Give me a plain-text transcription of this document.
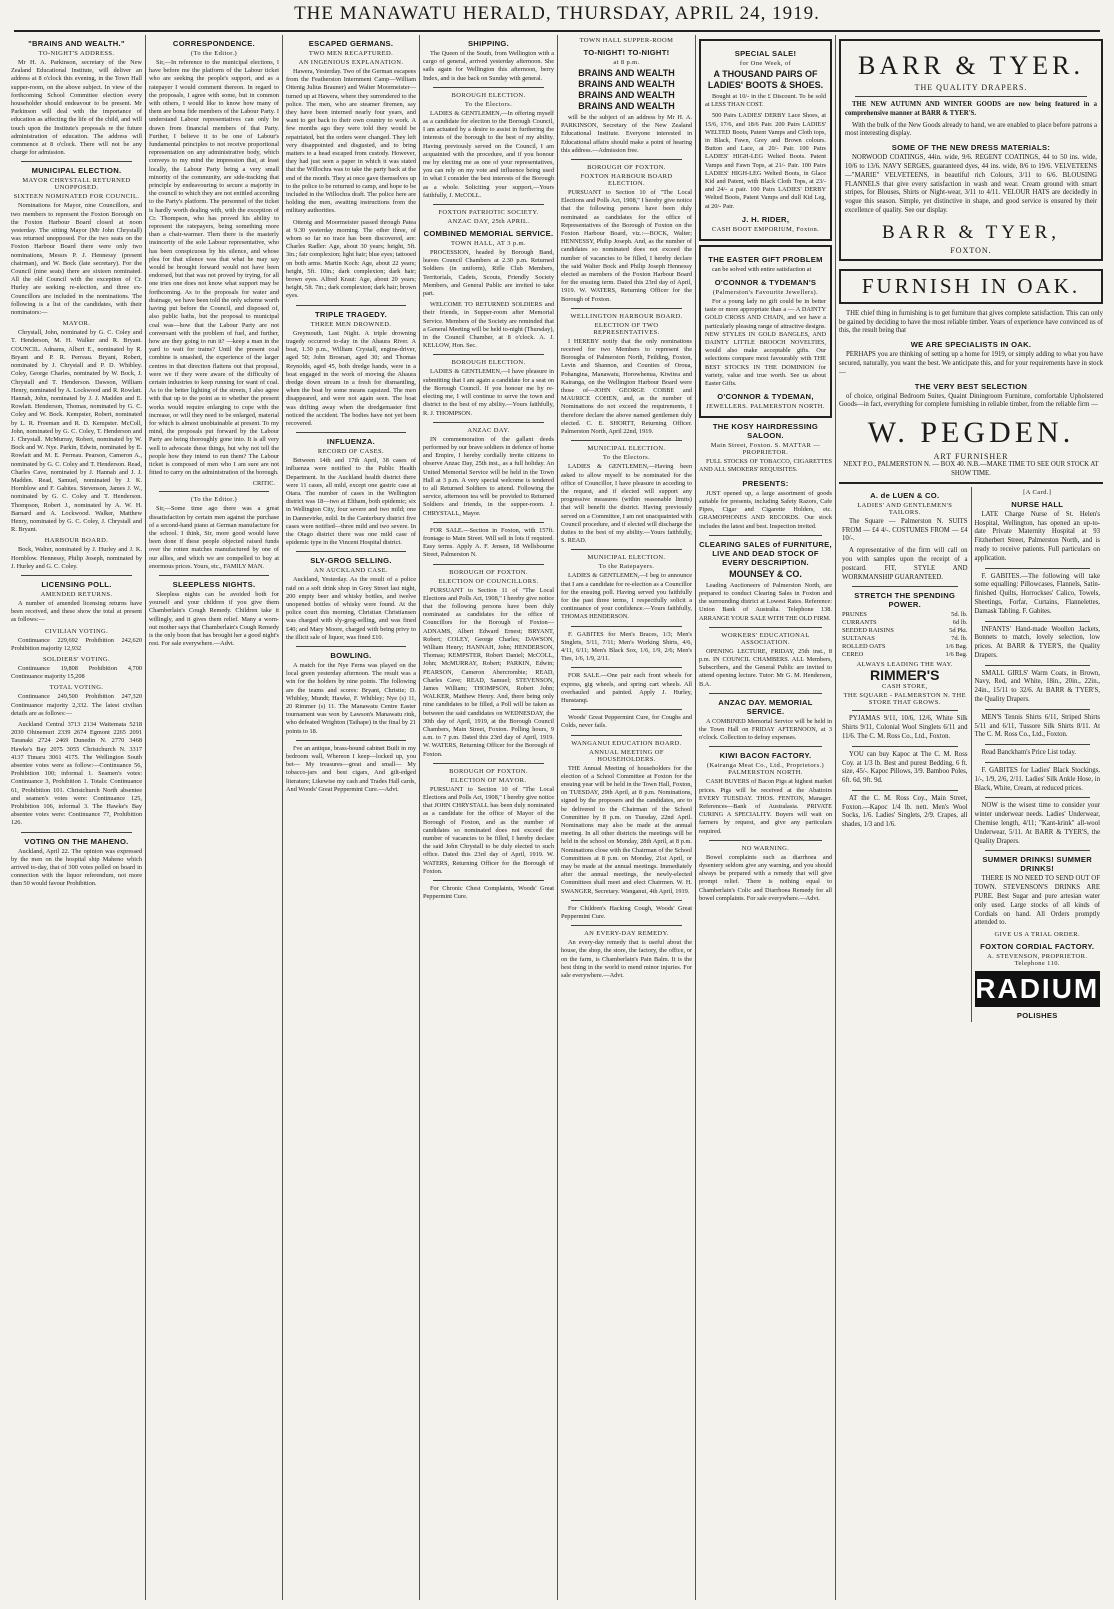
THE MANAWATU HERALD, THURSDAY, APRIL 24, 1919.
"BRAINS AND WEALTH."
TO-NIGHT'S ADDRESS.

Mr H. A. Parkinson, secretary of the New Zealand Educational Institute, will deliver an address at 8 o'clock this evening, in the Town Hall supper-room, on the above subject. In view of the forthcoming School Committee election every householder should endeavour to be present. Mr Parkinson will deal with the importance of education as affecting the life of the child, and will touch upon the Institute's proposals re the future administration of education. The address will commence at 8 o'clock. There will not be any charge for admission.

MUNICIPAL ELECTION.
MAYOR CHRYSTALL RETURNED UNOPPOSED.
SIXTEEN NOMINATED FOR COUNCIL.

Nominations for Mayor, nine Councillors, and two members to represent the Foxton Borough on the Foxton Harbour Board closed at noon yesterday. The sitting Mayor (Mr John Chrystall) was returned unopposed. For the two seats on the Foxton Harbour Board there were only two nominations, Messrs P. J. Hennessy (present chairman), and W. Bock (late secretary). For the Council (nine seats) there are sixteen nominated. All the old Council with the exception of Cr. Hurley are seeking re-election, and three ex-Councillors are included in the nominations. The following is a list of the candidates, with their nominators:—

MAYOR.

Chrystall, John, nominated by G. C. Coley and T. Henderson, M. H. Walker and R. Bryant. COUNCIL. Adnams, Albert E., nominated by R. Bryant and P. R. Perreau. Bryant, Robert, nominated by J. Chrystall and P. D. Whibley. Coley, George Charles, nominated by W. Bock, J. Chrystall and T. Henderson. Dawson, William Henry, nominated by A. Lockwood and R. Rowlatt. Hannah, John, nominated by J. J. Madden and E. Rowlatt. Henderson, Thomas, nominated by G. C. Coley and W. Bock. Kempster, Robert, nominated by L. R. Freeman and R. D. Kempster. McColl, John, nominated by G. C. Coley, T. Henderson and J. Chrystall. McMurray, Robert, nominated by W. Bock and W. Nye. Parkin, Edwin, nominated by E. Rowlatt and M. E. Perreau. Pearson, Cameron A., nominated by G. C. Coley and T. Henderson. Read, Charles Cave, nominated by J. Hannah and J. J. Madden. Read, Samuel, nominated by J. K. Hornblow and F. Gabites. Stevenson, James J. W., nominated by G. C. Coley and T. Henderson. Thompson, Robert J., nominated by A. W. H. Barnard and A. Lockwood. Walker, Matthew Henry, nominated by G. C. Coley, J. Chrystall and R. Bryant.

HARBOUR BOARD.

Bock, Walter, nominated by J. Hurley and J. K. Hornblow. Hennessy, Philip Joseph, nominated by J. Hurley and G. C. Coley.

LICENSING POLL.
AMENDED RETURNS.

A number of amended licensing returns have been received, and these show the total at present as follows:—

CIVILIAN VOTING.

Continuance 229,692 Prohibition 242,620 Prohibition majority 12,932

SOLDIERS' VOTING.

Continuance 19,808 Prohibition 4,700 Continuance majority 15,208

TOTAL VOTING.

Continuance 249,500 Prohibition 247,320 Continuance majority 2,332. The latest civilian details are as follows:—

Auckland Central 3713 2134 Waitemata 5218 2030 Ohinemuri 2339 2674 Egmont 2265 2091 Taranaki 2724 2469 Dunedin N. 2770 3468 Hawke's Bay 2075 3055 Christchurch N. 3317 4137 Timaru 3061 4175. The Wellington South absentee votes were as follow:—Continuance 56, Prohibition 100; informal 1. Seamen's votes: Continuance 3, Prohibition 1. Totals: Continuance 61, Prohibition 101. Christchurch North absentee and seamen's votes were: Continuance 125, Prohibition 106, informal 3. The Hawke's Bay absentee votes were: Continuance 77, Prohibition 126.

VOTING ON THE MAHENO.

Auckland, April 22. The opinion was expressed by the men on the hospital ship Maheno which arrived to-day, that of 300 votes polled on board in connection with the liquor referendum, not more than 50 would favour Prohibition.

CORRESPONDENCE.
(To the Editor.)

Sir,—In reference to the municipal elections, I have before me the platform of the Labour ticket who are seeking the people's support, and as a ratepayer I would comment thereon. In regard to the proposals, I agree with some, but in common with others, I would like to know how many of them are bona fide members of the Labour Party. I understand Labour representatives can only be drawn from financial members of that Party. Further, I believe it to be one of Labour's fundamental principles to not receive proportional representation on any administrative body, which conveys to my mind the impression that, at least locally, the Labour Party being a very small minority of the community, are side-tracking that principle by endeavouring to secure a majority in the council to which they are not entitled according to the Party's platform. The personnel of the ticket is hardly worth dealing with, with the exception of Cr. Thompson, who has proved his ability to represent the ratepayers, being something more than a chair-warmer. Then there is the masterly insincerity of the sole Labour representative, who has been conspicuous by his silence, and whose plea for that silence was that what he may say would be brought forward would not have been endorsed, but that was not proved by trying, for all one tries one does not know what support may be forthcoming. As to the proposals for water and drainage, we have been told the only scheme worth having put before the Council, and disposed of, also public baths, but the proposal to municipal coal was—how that the Labour Party are not conversant with the problem of fuel, and further, how are they going to run it? —keep a man in the yard to wait for trains? Until the present coal combine is smashed, the experience of the larger centres in that direction flattens out that proposal, were we if they were aware of the difficulty of certain industries to keep running for want of coal. As to the better lighting of the streets, I also agree with that up to the point as to whether the present works would require enlarging to cope with the increase, or will they need to be enlarged, material for which is almost unobtainable at present. To my mind, the proposals put forward by the Labour Party are being thoroughly gone into. It is all very well to advocate these things, but why not tell the people how they intend to run them? The Labour ticket is composed of men who I am sure are not fitted to carry on the administration of the borough.

CRITIC.
(To the Editor.)

Sir,—Some time ago there was a great dissatisfaction by certain men against the purchase of a second-hand piano at German manufacture for the school. I think, Sir, more good would have been done if these people objected raised funds over the rotten matches manufactured by one of our allies, and which we are compelled to buy at enormous prices. Yours, etc., FAMILY MAN.

SLEEPLESS NIGHTS.

Sleepless nights can be avoided both for yourself and your children if you give them Chamberlain's Cough Remedy. Children take it willingly, and it gives them relief. Many a worn-out mother says that Chamberlain's Cough Remedy is the only boon that has brought her a good night's rest. For sale everywhere.—Advt.

ESCAPED GERMANS.
TWO MEN RECAPTURED.
AN INGENIOUS EXPLANATION.

Hawera, Yesterday. Two of the German escapees from the Featherston Internment Camp—William Ottenig Julius Brauner) and Walter Moormeister—turned up at Hawera, where they surrendered to the police. The men, who are steamer firemen, say they have been interned nearly four years, and want to get back to their own country to work. A few months ago they were told they would be repatriated, but the orders were changed. They left very disappointed and disgusted, and to bring matters to a head escaped from custody. However, they had just seen a paper in which it was stated that the Willochra was to take the party back at the end of the month. They at once gave themselves up to the police to be returned to camp, and hope to be included in the Willochra draft. The police here are holding the men, awaiting instructions from the military authorities.

Ottenig and Moormeister passed through Patea at 9.30 yesterday morning. The other three, of whom so far no trace has been discovered, are: Charles Radler: Age, about 30 years; height, 5ft. 3in.; fair complexion; light hair; blue eyes; tattooed on both arms. Martin Koch: Age, about 22 years; height, 5ft. 10in.; dark complexion; dark hair; brown eyes. Alfred Kraut: Age, about 20 years; height, 5ft. 7in.; dark complexion; dark hair; brown eyes.

TRIPLE TRAGEDY.
THREE MEN DROWNED.

Greymouth, Last Night. A triple drowning tragedy occurred to-day in the Ahaura River. A boat, 1.30 p.m., William Crystall, engine-driver, aged 50; John Brosnan, aged 30; and Thomas Reynolds, aged 45, both dredge hands, were in a boat engaged in the work of moving the Ahaura dredge down stream in a fresh for dismantling, when the boat by some means capsized. The men disappeared, and were not again seen. The boat was drifting away when the dredgemaster first noticed the accident. The bodies have not yet been recovered.

INFLUENZA.
RECORD OF CASES.

Between 14th and 17th April, 38 cases of influenza were notified to the Public Health Department. In the Auckland health district there were 11 cases, all mild, except one gastric case at Otara. The number of cases in the Wellington district was 18—two at Eltham, both epidemic; six in Wellington City, four severe and two mild; one in Dannevirke, mild. In the Canterbury district five cases were notified—three mild and two severe. In the Otago district there was one mild case of epidemic type in the Vincent Hospital district.

SLY-GROG SELLING.
AN AUCKLAND CASE.

Auckland, Yesterday. As the result of a police raid on a soft drink shop in Grey Street last night, 200 empty beer and whisky bottles, and twelve unopened bottles of whisky were found. At the police court this morning, Christian Christiansen was charged with sly-grog-selling, and was fined £40; and Mary Moore, charged with being privy to the illicit sale of liquor, was fined £10.

BOWLING.

A match for the Nye Ferns was played on the local green yesterday afternoon. The result was a win for the holders by nine points. The following are the teams and scores: Bryant, Christie; D. Whibley, Mundt; Hawke, F. Whibley; Nye (s) 11, 20 Rimmer (s) 11. The Manawatu Centre Easter tournament was won by Lawson's Manawatu rink, who defeated Wrighton (Taihape) in the final by 21 points to 18.

I've an antique, brass-bound cabinet Built in my bedroom wall, Whereon I keep—locked up, you bet— My treasures—great and small— My tobacco-jars and best cigars, And gilt-edged literature; Likewise my cash and Trades Hall cards, And Woods' Great Peppermint Cure.—Advt.

SHIPPING.

The Queen of the South, from Wellington with a cargo of general, arrived yesterday afternoon. She sails again for Wellington this afternoon, berry Index, and is due back on Sunday with general.

BOROUGH ELECTION.
To the Electors.

LADIES & GENTLEMEN,—In offering myself as a candidate for election to the Borough Council, I am actuated by a desire to assist in furthering the interests of the borough to the best of my ability. Having previously served on the Council, I am acquainted with the procedure, and if you honour me by electing me as one of your representatives, you can rely on my vote and influence being used in what I consider the best interests of the Borough as a whole. Soliciting your support,—Yours faithfully, J. McCOLL.

FOXTON PATRIOTIC SOCIETY.
ANZAC DAY, 25th APRIL.
COMBINED MEMORIAL SERVICE.
TOWN HALL, AT 3 p.m.

PROCESSION, headed by Borough Band, leaves Council Chambers at 2.30 p.m. Returned Soldiers (in uniform), Rifle Club Members, Territorials, Cadets, Scouts, Friendly Society Members, and General Public are invited to take part.

WELCOME TO RETURNED SOLDIERS and their friends, in Supper-room after Memorial Service. Members of the Society are reminded that a General Meeting will be held to-night (Thursday), in the Council Chamber, at 8 o'clock. A. J. KELLOW, Hon. Sec.

BOROUGH ELECTION.

LADIES & GENTLEMEN,—I have pleasure in submitting that I am again a candidate for a seat on the Borough Council. If you honour me by re-electing me, I will continue to serve the town and district to the best of my ability.—Yours faithfully, R. J. THOMPSON.

ANZAC DAY.

IN commemoration of the gallant deeds performed by our brave soldiers in defence of home and Empire, I hereby cordially invite citizens to observe Anzac Day, 25th inst., as a full holiday. An United Memorial Service will be held in the Town Hall at 3 p.m. A very special welcome is tendered to all Returned Soldiers to attend. Following the service, afternoon tea will be provided to Returned Soldiers and friends, in the supper-room. J. CHRYSTALL, Mayor.

FOR SALE.—Section in Foxton, with 157ft. frontage to Main Street. Will sell in lots if required. Easy terms. Apply A. F. Jensen, 18 Wellsbourne Street, Palmerston N.

BOROUGH OF FOXTON.
ELECTION OF COUNCILLORS.

PURSUANT to Section 11 of "The Local Elections and Polls Act, 1908," I hereby give notice that the following persons have been duly nominated as candidates for the office of Councillors for the Borough of Foxton—ADNAMS, Albert Edward Ernest; BRYANT, Robert; COLEY, George Charles; DAWSON, William Henry; HANNAH, John; HENDERSON, Thomas; KEMPSTER, Robert Daniel; McCOLL, John; McMURRAY, Robert; PARKIN, Edwin; PEARSON, Cameron Abercrombie; READ, Charles Cave; READ, Samuel; STEVENSON, James William; THOMPSON, Robert John; WALKER, Matthew Henry. And, there being only nine candidates to be filled, a Poll will be taken as between the said candidates on WEDNESDAY, the 30th day of April, 1919, at the Borough Council Chambers, Main Street, Foxton. Polling hours, 9 a.m. to 7 p.m. Dated this 23rd day of April, 1919. W. WATERS, Returning Officer for the Borough of Foxton.

BOROUGH OF FOXTON.
ELECTION OF MAYOR.

PURSUANT to Section 10 of "The Local Elections and Polls Act, 1908," I hereby give notice that JOHN CHRYSTALL has been duly nominated as a candidate for the office of Mayor of the Borough of Foxton, and as the number of candidates so nominated does not exceed the number of vacancies to be filled, I hereby declare the said John Chrystall to be duly elected to such office. Dated this 23rd day of April, 1919. W. WATERS, Returning Officer for the Borough of Foxton.

For Chronic Chest Complaints, Woods' Great Peppermint Cure.

TOWN HALL SUPPER-ROOM
TO-NIGHT! TO-NIGHT!
at 8 p.m.
BRAINS AND WEALTH BRAINS AND WEALTH BRAINS AND WEALTH BRAINS AND WEALTH

will be the subject of an address by Mr H. A. PARKINSON, Secretary of the New Zealand Educational Institute. Everyone interested in Educational affairs should make a point of hearing this address.—Admission free.

BOROUGH OF FOXTON.
FOXTON HARBOUR BOARD ELECTION.

PURSUANT to Section 10 of "The Local Elections and Polls Act, 1908," I hereby give notice that the following persons have been duly nominated as candidates for the office of Representatives of the Borough of Foxton on the Foxton Harbour Board, viz.:—BOCK, Walter; HENNESSY, Philip Joseph. And, as the number of candidates so nominated does not exceed the number of vacancies to be filled, I hereby declare the said Walter Bock and Philip Joseph Hennessy elected as members of the Foxton Harbour Board for the ensuing term. Dated this 23rd day of April, 1919. W. WATERS, Returning Officer for the Borough of Foxton.

WELLINGTON HARBOUR BOARD.
ELECTION OF TWO REPRESENTATIVES.

I HEREBY notify that the only nominations received for two Members to represent the Boroughs of Palmerston North, Feilding, Foxton, Levin and Shannon, and Counties of Oroua, Pohangina, Manawatu, Horowhenua, Kiwitea and Kairanga, on the Wellington Harbour Board were those of—JOHN GEORGE COBBE and MAURICE COHEN, and, as the number of Nominations do not exceed the requirements, I therefore declare the above named gentlemen duly elected. C. E. SHORTT, Returning Officer. Palmerston North, April 22nd, 1919.

MUNICIPAL ELECTION.
To the Electors.

LADIES & GENTLEMEN,—Having been asked to allow myself to be nominated for the office of Councillor, I have pleasure in acceding to the request, and if elected will support any progressive measures (within reasonable limits) that will benefit the district. Having previously served on a Committee, I am not unacquainted with Council procedure, and if elected will discharge the duties to the best of my ability.—Yours faithfully, S. READ.

MUNICIPAL ELECTION.
To the Ratepayers.

LADIES & GENTLEMEN,—I beg to announce that I am a candidate for re-election as a Councillor for the ensuing poll. Having served you faithfully for the past three terms, I respectfully solicit a continuance of your confidence.—Yours faithfully, THOMAS HENDERSON.

F. GABITES for Men's Braces, 1/3; Men's Singlets, 5/11, 7/11; Men's Working Shirts, 4/6, 4/11, 6/11; Men's Black Sox, 1/6, 1/9, 2/6; Men's Ties, 1/6, 1/9, 2/11.

FOR SALE.—One pair each front wheels for express, gig wheels, and spring cart wheels. All overhauled and painted. Apply J. Hurley, Hunstanqi.

Woods' Great Peppermint Cure, for Coughs and Colds, never fails.

WANGANUI EDUCATION BOARD.
ANNUAL MEETING OF HOUSEHOLDERS.

THE Annual Meeting of householders for the election of a School Committee at Foxton for the ensuing year will be held in the Town Hall, Foxton, on TUESDAY, 29th April, at 8 p.m. Nominations, signed by the proposers and the candidates, are to be delivered to the Chairman of the School Committee by 8 p.m. on Tuesday, 22nd April. Nominations may also be made at the annual meeting. In all other districts the meetings will be held in the school on Monday, 28th April, at 8 p.m. Nominations close with the Chairman of the School Committees at 8 p.m. on Monday, 21st April, or may be made at the annual meetings. Immediately after the annual meetings, the newly-elected Committees shall meet and elect Chairmen. W. H. SWANGER, Secretary. Wanganui, 4th April, 1919.

For Children's Hacking Cough, Woods' Great Peppermint Cure.

AN EVERY-DAY REMEDY.

An every-day remedy that is useful about the house, the shop, the store, the factory, the office, or on the farm, is Chamberlain's Pain Balm. It is the best thing in the world to mend minor injuries. For sale everywhere.—Advt.

SPECIAL SALE!
for One Week, of
A THOUSAND PAIRS OF LADIES' BOOTS & SHOES.

Bought at 10/- in the £ Discount. To be sold at LESS THAN COST.

500 Pairs LADIES' DERBY Lace Shoes, at 15/6, 17/6, and 18/6 Pair. 200 Pairs LADIES' WELTED Boots, Patent Vamps and Cloth tops, in Black, Fawn, Grey and Brown colours. Button and Lace, at 20/- Pair. 100 Pairs LADIES' HIGH-LEG Welted Boots. Patent Vamps and Fawn Tops, at 21/- Pair. 100 Pairs LADIES' HIGH-LEG Welted Boots, in Glace Kid and Patent, with Black Cloth Tops, at 23/- and 24/- a pair. 100 Pairs LADIES' DERBY Welted Boots, Patent Vamps and dull Kid Leg, at 20/- Pair.

J. H. RIDER,
CASH BOOT EMPORIUM, Foxton.
THE EASTER GIFT PROBLEM

can be solved with entire satisfaction at

O'CONNOR & TYDEMAN'S
(Palmerston's Favourite Jewellers).

For a young lady no gift could be in better taste or more appropriate than a — A DAINTY GOLD CROSS AND CHAIN, and we have a particularly pleasing range of attractive designs. NEW STYLES IN GOLD BANGLES, AND DAINTY LITTLE BROOCH NOVELTIES, would also make acceptable gifts. Our selections compare most favourably with THE BEST STOCKS IN THE DOMINION for variety, value and true worth. See us about Easter Gifts.

O'CONNOR & TYDEMAN,
JEWELLERS. PALMERSTON NORTH.
THE KOSY HAIRDRESSING SALOON.
Main Street, Foxton. S. MATTAR — PROPRIETOR.

FULL STOCKS OF TOBACCO, CIGARETTES AND ALL SMOKERS' REQUISITES.

PRESENTS:

JUST opened up, a large assortment of goods suitable for presents, including Safety Razors, Cafe Pipes, Cigar and Cigarette Holders, etc. GRAMOPHONES AND RECORDS. Our stock includes the latest and best. Inspection invited.

CLEARING SALES of FURNITURE, LIVE AND DEAD STOCK OF EVERY DESCRIPTION.
MOUNSEY & CO.

Leading Auctioneers of Palmerston North, are prepared to conduct Clearing Sales in Foxton and the surrounding district at Lowest Rates. Reference: Union Bank of Australia. Telephone 138. ARRANGE YOUR SALE WITH THE OLD FIRM.

WORKERS' EDUCATIONAL ASSOCIATION.

OPENING LECTURE, FRIDAY, 25th inst., 8 p.m. IN COUNCIL CHAMBERS. ALL Members, Subscribers, and the General Public are invited to attend opening lecture. Tutor: Mr G. M. Henderson, B.A.

ANZAC DAY. MEMORIAL SERVICE.

A COMBINED Memorial Service will be held in the Town Hall on FRIDAY AFTERNOON, at 3 o'clock. Collection to defray expenses.

KIWI BACON FACTORY.
(Kairanga Meat Co., Ltd., Proprietors.) PALMERSTON NORTH.

CASH BUYERS of Bacon Pigs at highest market prices. Pigs will be received at the Abattoirs EVERY TUESDAY. THOS. FENTON, Manager. References—Bank of Australasia. PRIVATE CURING A SPECIALITY. Buyers will wait on farmers by request, and give any particulars required.

NO WARNING.

Bowel complaints such as diarrhoea and dysentery seldom give any warning, and you should always be prepared with a remedy that will give prompt relief. There is nothing equal to Chamberlain's Colic and Diarrhoea Remedy for all bowel complaints. For sale everywhere.—Advt.

BARR & TYER.
THE QUALITY DRAPERS.

THE NEW AUTUMN AND WINTER GOODS are now being featured in a comprehensive manner at BARR & TYER'S.

With the bulk of the New Goods already to hand, we are enabled to place before patrons a most interesting display.

SOME OF THE NEW DRESS MATERIALS:

NORWOOD COATINGS, 44in. wide, 9/6. REGENT COATINGS, 44 to 50 ins. wide, 10/6 to 13/6. NAVY SERGES, guaranteed dyes, 44 ins. wide, 8/6 to 19/6. VELVETEENS—"MARIE" VELVETEENS, in beautiful rich Colours, 3/11 to 6/6. BLOUSING FLANNELS that give every satisfaction in wash and wear. Cream ground with smart stripes, for Blouses, Shirts or Night-wear, 3/11 to 4/11. VELOUR HATS are decidedly in vogue this season. Simple, yet distinctive in shape, and good service is ensured by their excellence of quality. See our display.

BARR & TYER,
FOXTON.
FURNISH IN OAK.

THE chief thing in furnishing is to get furniture that gives complete satisfaction. This can only be gained by deciding to have the most reliable timber. Years of experience have convinced us of this, the result being that

WE ARE SPECIALISTS IN OAK.

PERHAPS you are thinking of setting up a home for 1919, or simply adding to what you have secured, naturally, you want the best. We anticipate this, and for your requirements have in stock —

THE VERY BEST SELECTION

of choice, original Bedroom Suites, Quaint Diningroom Furniture, comfortable Upholstered Goods—in fact, everything for complete furnishing in reliable timber, from the reliable firm —

W. PEGDEN.
ART FURNISHER

NEXT P.O., PALMERSTON N. — BOX 40. N.B.—MAKE TIME TO SEE OUR STOCK AT SHOW TIME.

A. de LUEN & CO.
LADIES' AND GENTLEMEN'S TAILORS.

The Square — Palmerston N. SUITS FROM — £4 4/-. COSTUMES FROM — £4 10/-.

A representative of the firm will call on you with samples upon the receipt of a postcard. FIT, STYLE AND WORKMANSHIP GUARANTEED.

STRETCH THE SPENDING POWER.
PRUNES	5d. lb.
CURRANTS	6d lb.
SEEDED RAISINS	5d Pkt.
SULTANAS	7d. lb.
ROLLED OATS	1/6 Bag.
CEREO	1/6 Bag.
ALWAYS LEADING THE WAY.
RIMMER'S
CASH STORE,
THE SQUARE - PALMERSTON N. THE STORE THAT GROWS.

PYJAMAS 9/11, 10/6, 12/6, White Silk Shirts 9/11, Colonial Wool Singlets 6/11 and 11/6. The C. M. Ross Co., Ltd., Foxton.

YOU can buy Kapoc at The C. M. Ross Coy. at 1/3 lb. Best and purest Bedding, 6 ft. size, 45/-. Kapoc Pillows, 3/9. Bamboo Poles, 6ft. 6d, 9ft. 9d.

AT the C. M. Ross Coy., Main Street, Foxton.—Kapoc 1/4 lb. nett. Men's Wool Socks, 1/6. Ladies' Singlets, 2/9. Crapes, all shades, 1/3 and 1/6.

[A Card.]
NURSE HALL

LATE Charge Nurse of St. Helen's Hospital, Wellington, has opened an up-to-date Private Maternity Hospital at 93 Fitzherbert Street, Palmerston North, and is ready to receive patients. Full particulars on application.

F. GABITES.—The following will take some equalling: Pillowcases, Flannels, Satin-finished Quilts, Horrockses' Calico, Towels, Sheetings, Forfar, Curtains, Flannelettes, Damask Tabling. F. Gabites.

INFANTS' Hand-made Woollen Jackets, Bonnets to match, lovely selection, low prices. At BARR & TYER'S, the Quality Drapers.

SMALL GIRLS' Warm Coats, in Brown, Navy, Red, and White, 18in., 20in., 22in., 24in., 15/11 to 32/6. At BARR & TYER'S, the Quality Drapers.

MEN'S Tennis Shirts 6/11, Striped Shirts 5/11 and 6/11, Tussore Silk Shirts 8/11. At The C. M. Ross Co., Ltd., Foxton.

Read Banckham's Price List today.

F. GABITES for Ladies' Black Stockings, 1/-, 1/9, 2/6, 2/11. Ladies' Silk Ankle Hose, in Black, White, Cream, at reduced prices.

NOW is the wisest time to consider your winter underwear needs. Ladies' Underwear, Chemise length, 4/11; "Kant-krink" all-wool Underwear, 5/11. At BARR & TYER'S, the Quality Drapers.

SUMMER DRINKS! SUMMER DRINKS!

THERE IS NO NEED TO SEND OUT OF TOWN. STEVENSON'S DRINKS ARE PURE. Best Sugar and pure artesian water only used. Large stocks of all kinds of Cordials on hand. All Orders promptly attended to.

GIVE US A TRIAL ORDER.
FOXTON CORDIAL FACTORY.
A. STEVENSON, PROPRIETOR. Telephone 110.
RADIUM
POLISHES
